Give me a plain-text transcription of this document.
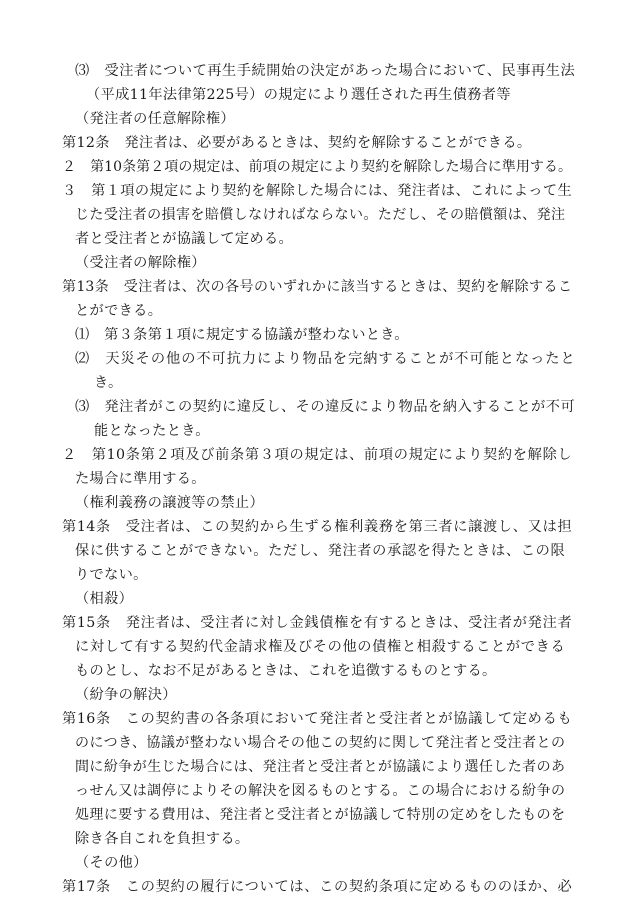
⑶　受注者について再生手続開始の決定があった場合において、民事再生法
（平成11年法律第225号）の規定により選任された再生債務者等
（発注者の任意解除権）
第12条　発注者は、必要があるときは、契約を解除することができる。
２　第10条第２項の規定は、前項の規定により契約を解除した場合に準用する。
３　第１項の規定により契約を解除した場合には、発注者は、これによって生
じた受注者の損害を賠償しなければならない。ただし、その賠償額は、発注
者と受注者とが協議して定める。
（受注者の解除権）
第13条　受注者は、次の各号のいずれかに該当するときは、契約を解除するこ
とができる。
⑴　第３条第１項に規定する協議が整わないとき。
⑵　天災その他の不可抗力により物品を完納することが不可能となったと
き。
⑶　発注者がこの契約に違反し、その違反により物品を納入することが不可
能となったとき。
２　第10条第２項及び前条第３項の規定は、前項の規定により契約を解除し
た場合に準用する。
（権利義務の譲渡等の禁止）
第14条　受注者は、この契約から生ずる権利義務を第三者に譲渡し、又は担
保に供することができない。ただし、発注者の承認を得たときは、この限
りでない。
（相殺）
第15条　発注者は、受注者に対し金銭債権を有するときは、受注者が発注者
に対して有する契約代金請求権及びその他の債権と相殺することができる
ものとし、なお不足があるときは、これを追徴するものとする。
（紛争の解決）
第16条　この契約書の各条項において発注者と受注者とが協議して定めるも
のにつき、協議が整わない場合その他この契約に関して発注者と受注者との
間に紛争が生じた場合には、発注者と受注者とが協議により選任した者のあ
っせん又は調停によりその解決を図るものとする。この場合における紛争の
処理に要する費用は、発注者と受注者とが協議して特別の定めをしたものを
除き各自これを負担する。
（その他）
第17条　この契約の履行については、この契約条項に定めるもののほか、必
